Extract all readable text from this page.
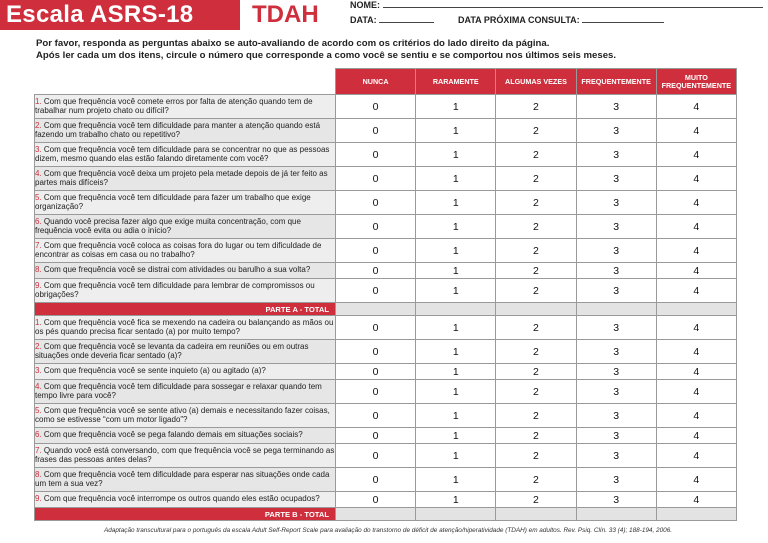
Escala ASRS-18	TDAH	NOME:
DATA:	DATA PRÓXIMA CONSULTA:
Por favor, responda as perguntas abaixo se auto-avaliando de acordo com os critérios do lado direito da página.
Após ler cada um dos itens, circule o número que corresponde a como você se sentiu e se comportou nos últimos seis meses.
	NUNCA	RARAMENTE	ALGUMAS VEZES	FREQUENTEMENTE	MUITO FREQUENTEMENTE
1. Com que frequência você comete erros por falta de atenção quando tem de trabalhar num projeto chato ou difícil?	0	1	2	3	4
2. Com que frequência você tem dificuldade para manter a atenção quando está fazendo um trabalho chato ou repetitivo?	0	1	2	3	4
3. Com que frequência você tem dificuldade para se concentrar no que as pessoas dizem, mesmo quando elas estão falando diretamente com você?	0	1	2	3	4
4. Com que frequência você deixa um projeto pela metade depois de já ter feito as partes mais difíceis?	0	1	2	3	4
5. Com que frequência você tem dificuldade para fazer um trabalho que exige organização?	0	1	2	3	4
6. Quando você precisa fazer algo que exige muita concentração, com que frequência você evita ou adia o início?	0	1	2	3	4
7. Com que frequência você coloca as coisas fora do lugar ou tem dificuldade de encontrar as coisas em casa ou no trabalho?	0	1	2	3	4
8. Com que frequência você se distrai com atividades ou barulho a sua volta?	0	1	2	3	4
9. Com que frequência você tem dificuldade para lembrar de compromissos ou obrigações?	0	1	2	3	4
PARTE A - TOTAL					
1. Com que frequência você fica se mexendo na cadeira ou balançando as mãos ou os pés quando precisa ficar sentado (a) por muito tempo?	0	1	2	3	4
2. Com que frequência você se levanta da cadeira em reuniões ou em outras situações onde deveria ficar sentado (a)?	0	1	2	3	4
3. Com que frequência você se sente inquieto (a) ou agitado (a)?	0	1	2	3	4
4. Com que frequência você tem dificuldade para sossegar e relaxar quando tem tempo livre para você?	0	1	2	3	4
5. Com que frequência você se sente ativo (a) demais e necessitando fazer coisas, como se estivesse “com um motor ligado”?	0	1	2	3	4
6. Com que frequência você se pega falando demais em situações sociais?	0	1	2	3	4
7. Quando você está conversando, com que frequência você se pega terminando as frases das pessoas antes delas?	0	1	2	3	4
8. Com que frequência você tem dificuldade para esperar nas situações onde cada um tem a sua vez?	0	1	2	3	4
9. Com que frequência você interrompe os outros quando eles estão ocupados?	0	1	2	3	4
PARTE B - TOTAL					
Adaptação transcultural para o português da escala Adult Self-Report Scale para avaliação do transtorno de déficit de atenção/hiperatividade (TDAH) em adultos. Rev. Psiq. Clín. 33 (4); 188-194, 2006.
